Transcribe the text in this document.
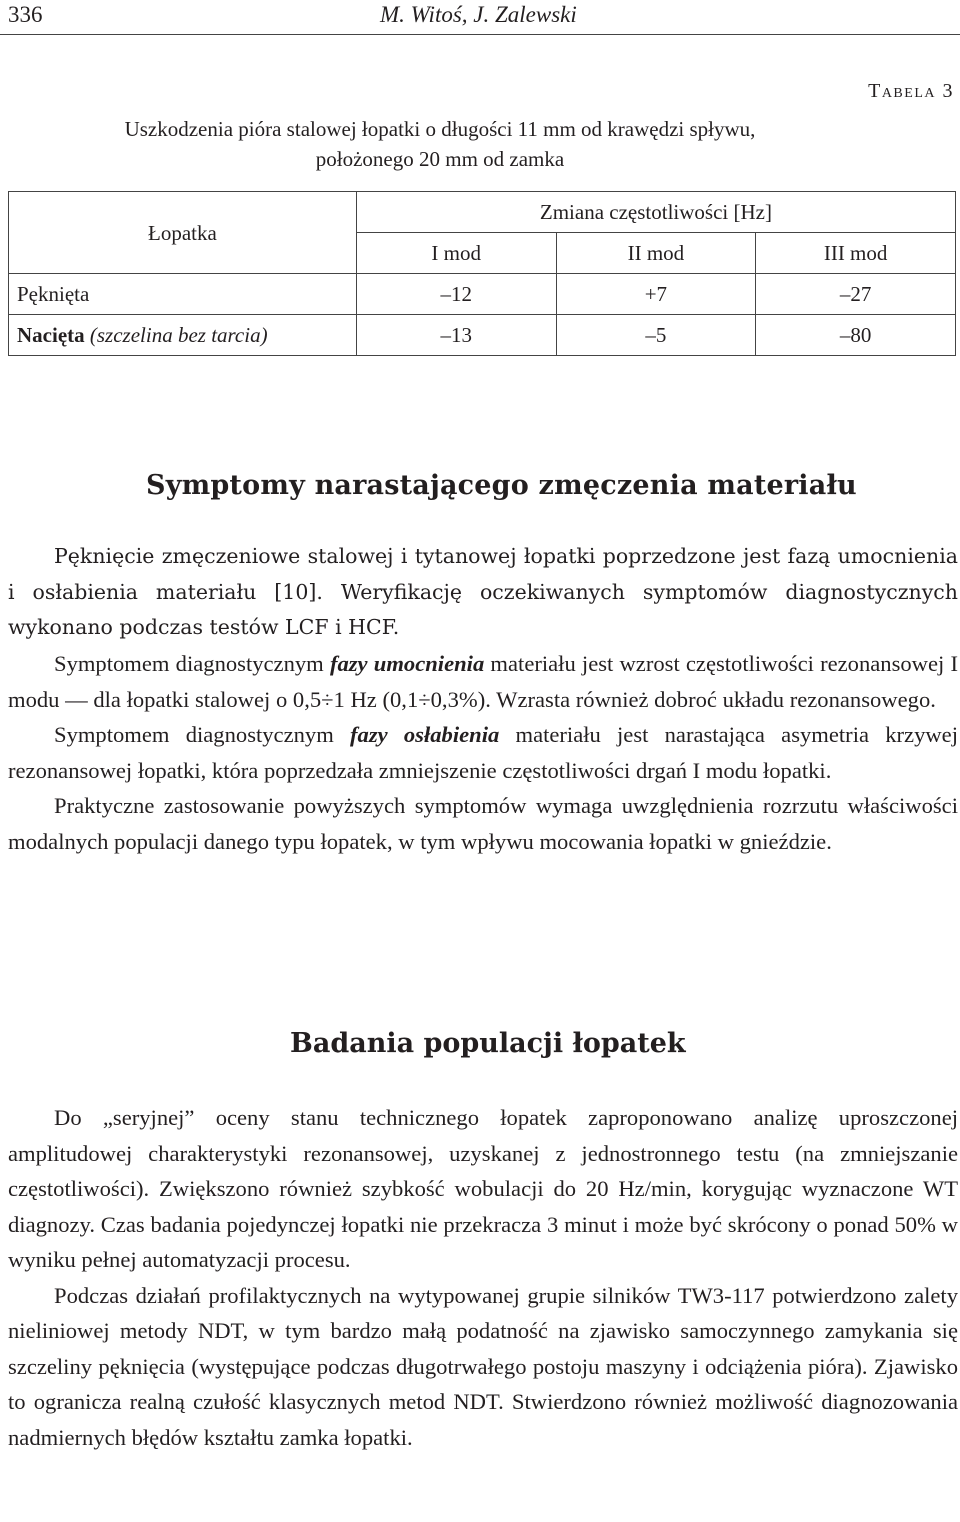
336	M. Witoś, J. Zalewski
Tabela 3
Uszkodzenia pióra stalowej łopatki o długości 11 mm od krawędzi spływu,
położonego 20 mm od zamka
Łopatka	Zmiana częstotliwości [Hz]		
	I mod	II mod	III mod
Pęknięta	–12	+7	–27
Nacięta (szczelina bez tarcia)	–13	–5	–80
Symptomy narastającego zmęczenia materiału

Pęknięcie zmęczeniowe stalowej i tytanowej łopatki poprzedzone jest fazą umocnienia i osłabienia materiału [10]. Weryfikację oczekiwanych symptomów diagnostycznych wykonano podczas testów LCF i HCF.

Symptomem diagnostycznym fazy umocnienia materiału jest wzrost częstotliwości rezonansowej I modu — dla łopatki stalowej o 0,5÷1 Hz (0,1÷0,3%). Wzrasta również dobroć układu rezonansowego.

Symptomem diagnostycznym fazy osłabienia materiału jest narastająca asymetria krzywej rezonansowej łopatki, która poprzedzała zmniejszenie częstotliwości drgań I modu łopatki.

Praktyczne zastosowanie powyższych symptomów wymaga uwzględnienia rozrzutu właściwości modalnych populacji danego typu łopatek, w tym wpływu mocowania łopatki w gnieździe.

Badania populacji łopatek

Do „seryjnej” oceny stanu technicznego łopatek zaproponowano analizę uproszczonej amplitudowej charakterystyki rezonansowej, uzyskanej z jednostronnego testu (na zmniejszanie częstotliwości). Zwiększono również szybkość wobulacji do 20 Hz/min, korygując wyznaczone WT diagnozy. Czas badania pojedynczej łopatki nie przekracza 3 minut i może być skrócony o ponad 50% w wyniku pełnej automatyzacji procesu.

Podczas działań profilaktycznych na wytypowanej grupie silników TW3-117 potwierdzono zalety nieliniowej metody NDT, w tym bardzo małą podatność na zjawisko samoczynnego zamykania się szczeliny pęknięcia (występujące podczas długotrwałego postoju maszyny i odciążenia pióra). Zjawisko to ogranicza realną czułość klasycznych metod NDT. Stwierdzono również możliwość diagnozowania nadmiernych błędów kształtu zamka łopatki.
